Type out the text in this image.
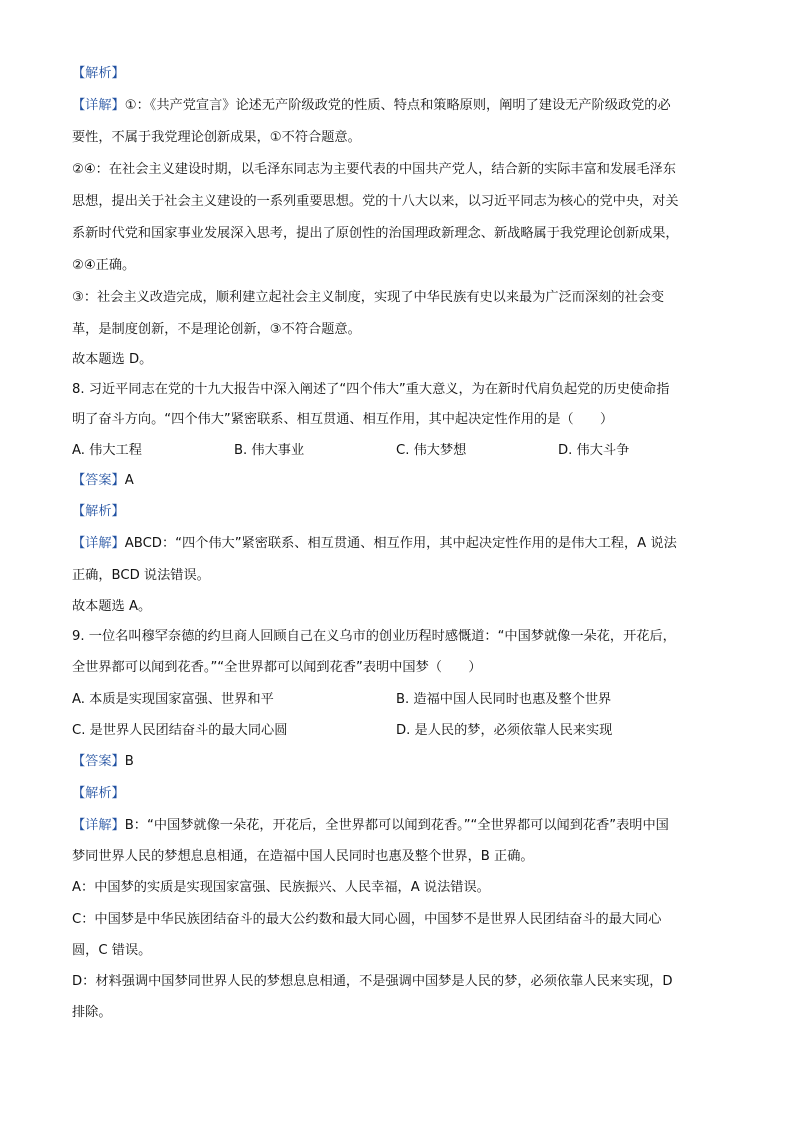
【解析】
【详解】①：《共产党宣言》论述无产阶级政党的性质、特点和策略原则，阐明了建设无产阶级政党的必
要性，不属于我党理论创新成果，①不符合题意。
②④：在社会主义建设时期，以毛泽东同志为主要代表的中国共产党人，结合新的实际丰富和发展毛泽东
思想，提出关于社会主义建设的一系列重要思想。党的十八大以来，以习近平同志为核心的党中央，对关
系新时代党和国家事业发展深入思考，提出了原创性的治国理政新理念、新战略属于我党理论创新成果，
②④正确。
③：社会主义改造完成，顺利建立起社会主义制度，实现了中华民族有史以来最为广泛而深刻的社会变
革，是制度创新，不是理论创新，③不符合题意。
故本题选 D。
8. 习近平同志在党的十九大报告中深入阐述了“四个伟大”重大意义，为在新时代肩负起党的历史使命指
明了奋斗方向。“四个伟大”紧密联系、相互贯通、相互作用，其中起决定性作用的是（　　）
A. 伟大工程	B. 伟大事业	C. 伟大梦想	D. 伟大斗争
【答案】A
【解析】
【详解】ABCD：“四个伟大”紧密联系、相互贯通、相互作用，其中起决定性作用的是伟大工程，A 说法
正确，BCD 说法错误。
故本题选 A。
9. 一位名叫穆罕奈德的约旦商人回顾自己在义乌市的创业历程时感慨道：“中国梦就像一朵花，开花后，
全世界都可以闻到花香。”“全世界都可以闻到花香”表明中国梦（　　）
A. 本质是实现国家富强、世界和平	B. 造福中国人民同时也惠及整个世界
C. 是世界人民团结奋斗的最大同心圆	D. 是人民的梦，必须依靠人民来实现
【答案】B
【解析】
【详解】B：“中国梦就像一朵花，开花后，全世界都可以闻到花香。”“全世界都可以闻到花香”表明中国
梦同世界人民的梦想息息相通，在造福中国人民同时也惠及整个世界，B 正确。
A：中国梦的实质是实现国家富强、民族振兴、人民幸福，A 说法错误。
C：中国梦是中华民族团结奋斗的最大公约数和最大同心圆，中国梦不是世界人民团结奋斗的最大同心
圆，C 错误。
D：材料强调中国梦同世界人民的梦想息息相通，不是强调中国梦是人民的梦，必须依靠人民来实现，D
排除。
